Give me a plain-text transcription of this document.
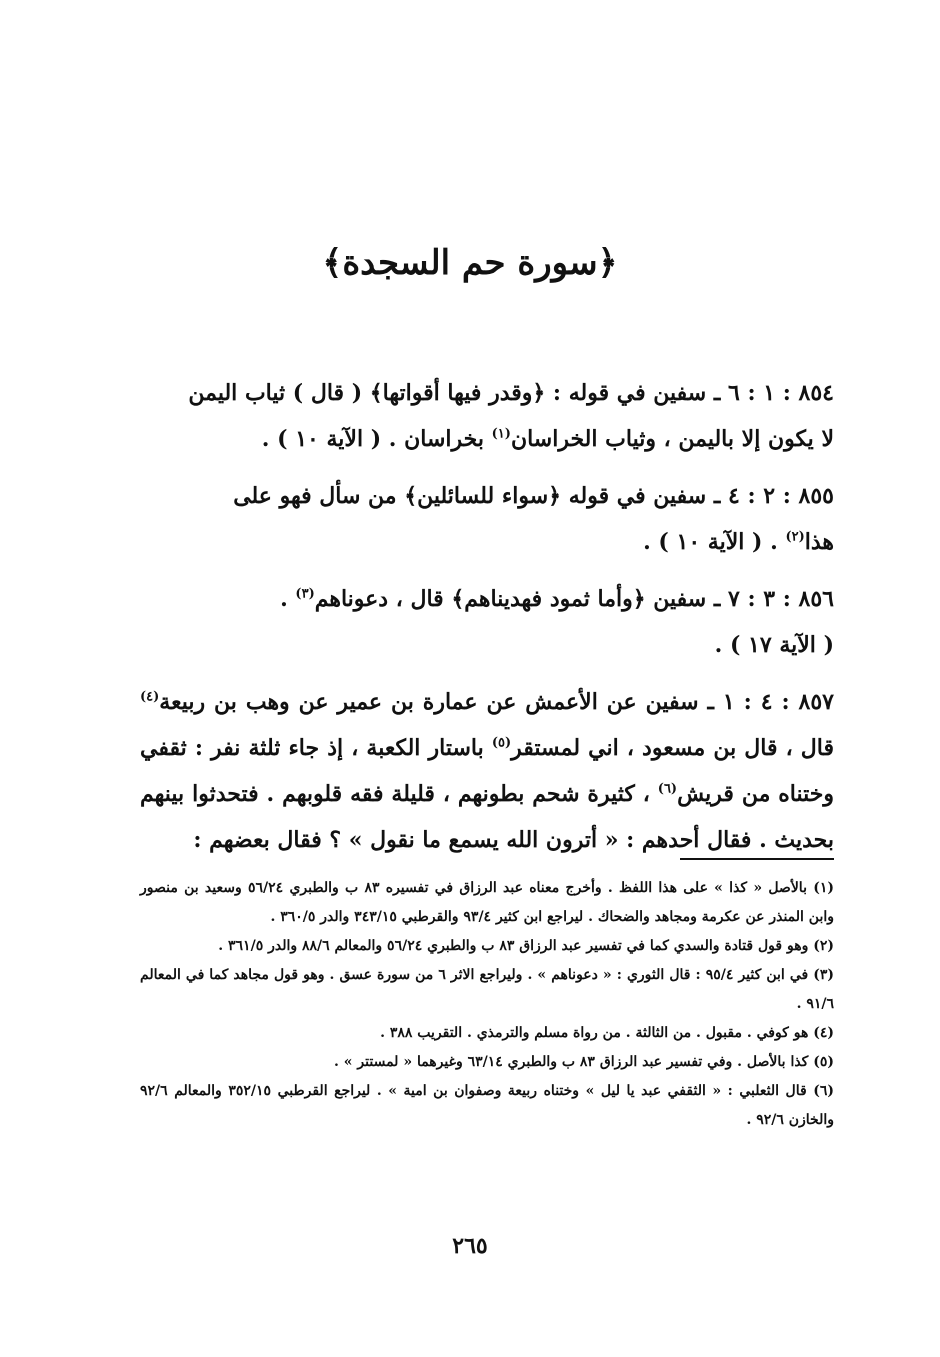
﴿سورة حم السجدة﴾

٨٥٤ : ١ : ٦ ـ سفين في قوله : ﴿وقدر فيها أقواتها﴾ ( قال ) ثياب اليمن

لا يكون إلا باليمن ، وثياب الخراسان$^{(١)}$ بخراسان . ( الآية ١٠ ) .

٨٥٥ : ٢ : ٤ ـ سفين في قوله ﴿سواء للسائلين﴾ من سأل فهو على

هذا$^{(٢)}$ . ( الآية ١٠ ) .

٨٥٦ : ٣ : ٧ ـ سفين ﴿وأما ثمود فهديناهم﴾ قال ، دعوناهم$^{(٣)}$ .

( الآية ١٧ ) .

٨٥٧ : ٤ : ١ ـ سفين عن الأعمش عن عمارة بن عمير عن وهب بن ربيعة$^{(٤)}$ قال ، قال بن مسعود ، اني لمستقر$^{(٥)}$ باستار الكعبة ، إذ جاء ثلثة نفر : ثقفي وختناه من قريش$^{(٦)}$ ، كثيرة شحم بطونهم ، قليلة فقه قلوبهم . فتحدثوا بينهم بحديث . فقال أحدهم : « أترون الله يسمع ما نقول » ؟ فقال بعضهم :

(١) بالأصل « كذا » على هذا اللفظ . وأخرج معناه عبد الرزاق في تفسيره ٨٣ ب والطبري ٥٦/٢٤ وسعيد بن منصور وابن المنذر عن عكرمة ومجاهد والضحاك . ليراجع ابن كثير ٩٣/٤ والقرطبي ٣٤٣/١٥ والدر ٣٦٠/٥ .

(٢) وهو قول قتادة والسدي كما في تفسير عبد الرزاق ٨٣ ب والطبري ٥٦/٢٤ والمعالم ٨٨/٦ والدر ٣٦١/٥ .

(٣) في ابن كثير ٩٥/٤ : قال الثوري : « دعوناهم » . وليراجع الاثر ٦ من سورة عسق . وهو قول مجاهد كما في المعالم ٩١/٦ .

(٤) هو كوفي . مقبول . من الثالثة . من رواة مسلم والترمذي . التقريب ٣٨٨ .

(٥) كذا بالأصل . وفي تفسير عبد الرزاق ٨٣ ب والطبري ٦٣/١٤ وغيرهما « لمستتر » .

(٦) قال الثعلبي : « الثقفي عبد يا ليل » وختناه ربيعة وصفوان بن امية » . ليراجع القرطبي ٣٥٢/١٥ والمعالم ٩٢/٦ والخازن ٩٢/٦ .

٢٦٥
